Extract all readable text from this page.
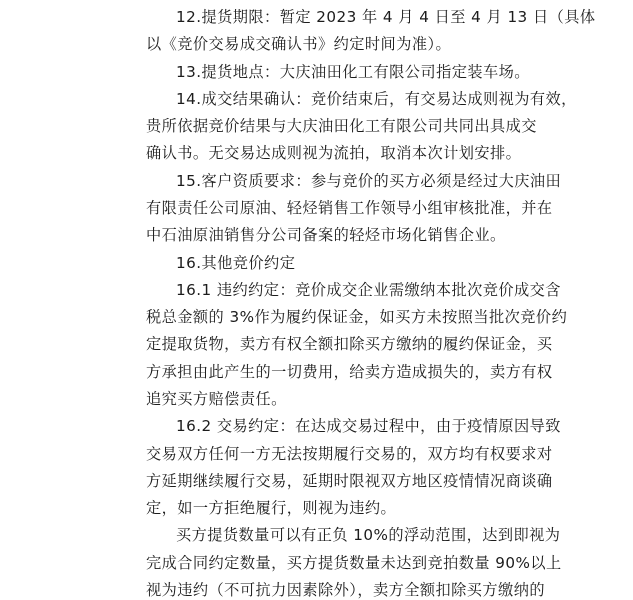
12.提货期限：暂定 2023 年 4 月 4 日至 4 月 13 日（具体
以《竞价交易成交确认书》约定时间为准）。
13.提货地点：大庆油田化工有限公司指定装车场。
14.成交结果确认：竞价结束后，有交易达成则视为有效，
贵所依据竞价结果与大庆油田化工有限公司共同出具成交
确认书。无交易达成则视为流拍，取消本次计划安排。
15.客户资质要求：参与竞价的买方必须是经过大庆油田
有限责任公司原油、轻烃销售工作领导小组审核批准，并在
中石油原油销售分公司备案的轻烃市场化销售企业。
16.其他竞价约定
16.1 违约约定：竞价成交企业需缴纳本批次竞价成交含
税总金额的 3%作为履约保证金，如买方未按照当批次竞价约
定提取货物，卖方有权全额扣除买方缴纳的履约保证金，买
方承担由此产生的一切费用，给卖方造成损失的，卖方有权
追究买方赔偿责任。
16.2 交易约定：在达成交易过程中，由于疫情原因导致
交易双方任何一方无法按期履行交易的，双方均有权要求对
方延期继续履行交易，延期时限视双方地区疫情情况商谈确
定，如一方拒绝履行，则视为违约。
买方提货数量可以有正负 10%的浮动范围，达到即视为
完成合同约定数量，买方提货数量未达到竞拍数量 90%以上
视为违约（不可抗力因素除外），卖方全额扣除买方缴纳的
